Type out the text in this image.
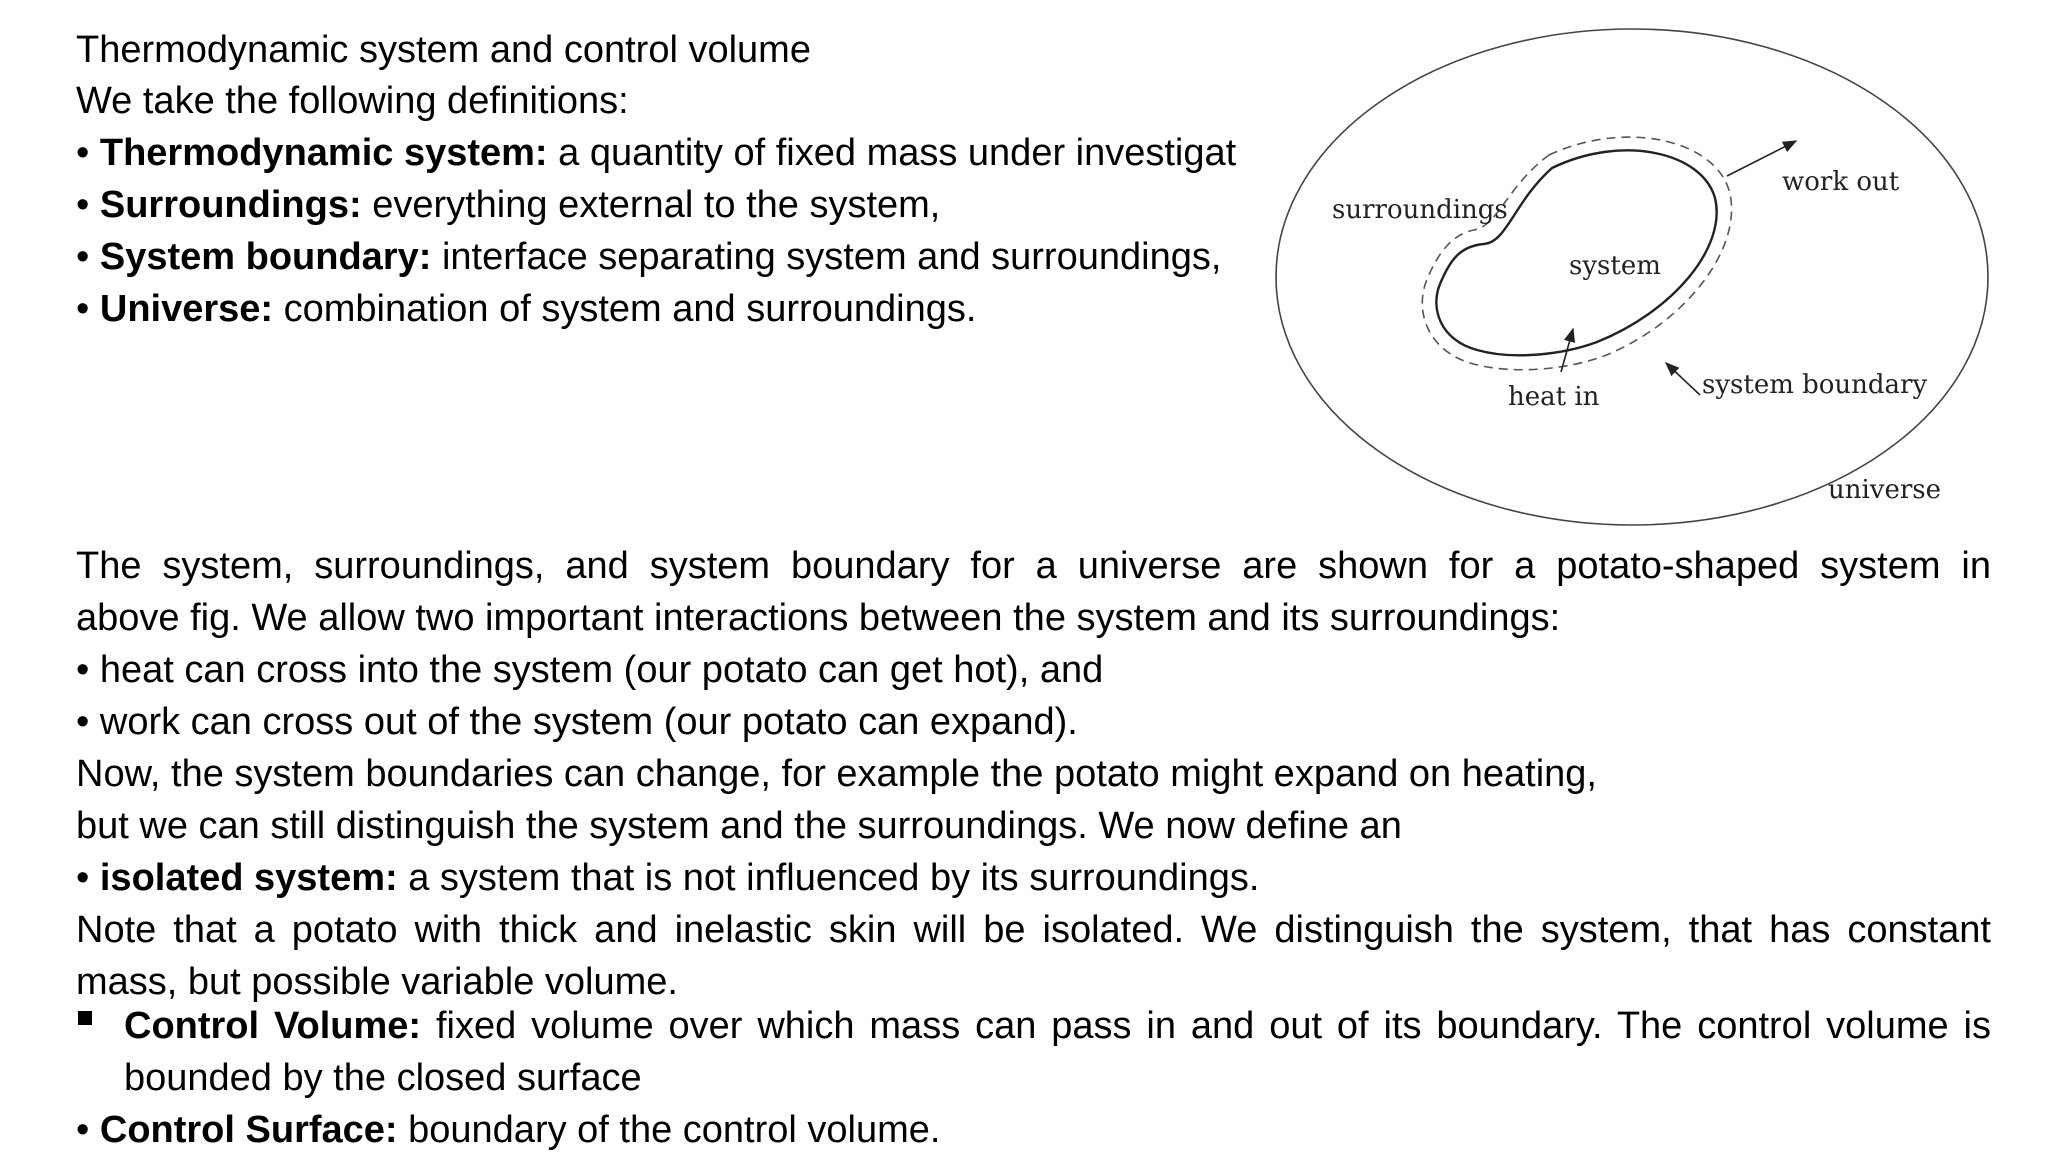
Thermodynamic system and control volume
We take the following definitions:
• Thermodynamic system: a quantity of fixed mass under investigat
• Surroundings: everything external to the system,
• System boundary: interface separating system and surroundings,
• Universe: combination of system and surroundings.
surroundings
system
work out
heat in	system boundary
universe
The system, surroundings, and system boundary for a universe are shown for a potato-shaped system in
above fig. We allow two important interactions between the system and its surroundings:
• heat can cross into the system (our potato can get hot), and
• work can cross out of the system (our potato can expand).
Now, the system boundaries can change, for example the potato might expand on heating,
but we can still distinguish the system and the surroundings. We now define an
• isolated system: a system that is not influenced by its surroundings.
Note that a potato with thick and inelastic skin will be isolated. We distinguish the system, that has constant
mass, but possible variable volume.
Control Volume: fixed volume over which mass can pass in and out of its boundary. The control volume is
bounded by the closed surface
• Control Surface: boundary of the control volume.
